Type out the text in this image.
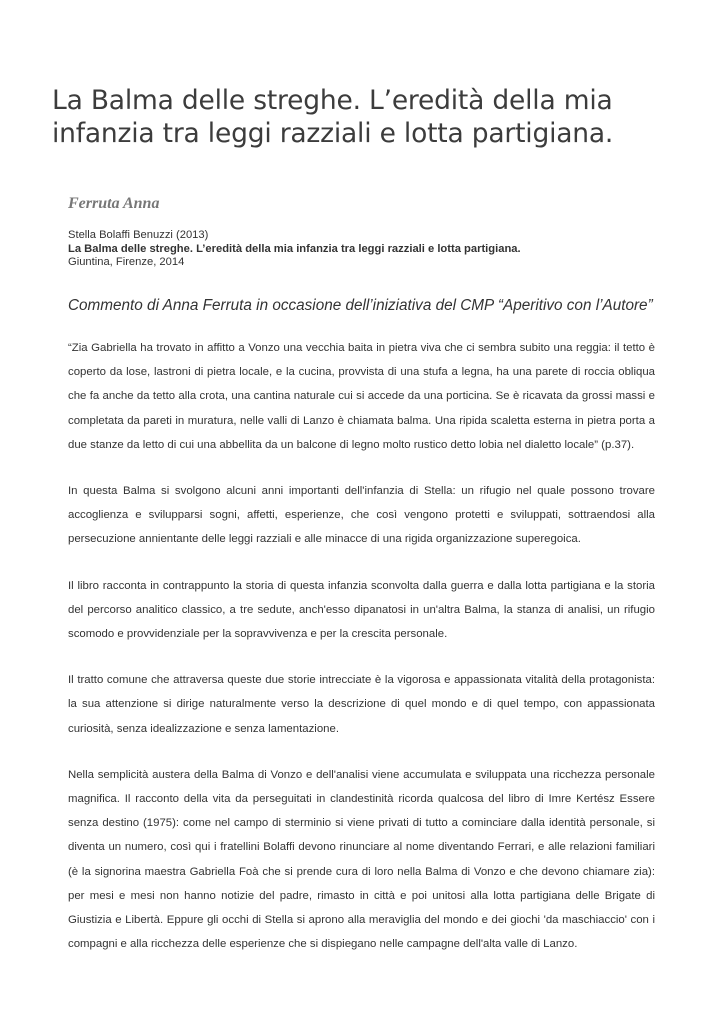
La Balma delle streghe. L’eredità della mia infanzia tra leggi razziali e lotta partigiana.
Ferruta Anna
Stella Bolaffi Benuzzi (2013)
La Balma delle streghe. L’eredità della mia infanzia tra leggi razziali e lotta partigiana.
Giuntina, Firenze, 2014
Commento di Anna Ferruta in occasione dell’iniziativa del CMP “Aperitivo con l’Autore”

“Zia Gabriella ha trovato in affitto a Vonzo una vecchia baita in pietra viva che ci sembra subito una reggia: il tetto è coperto da lose, lastroni di pietra locale, e la cucina, provvista di una stufa a legna, ha una parete di roccia obliqua che fa anche da tetto alla crota, una cantina naturale cui si accede da una porticina. Se è ricavata da grossi massi e completata da pareti in muratura, nelle valli di Lanzo è chiamata balma. Una ripida scaletta esterna in pietra porta a due stanze da letto di cui una abbellita da un balcone di legno molto rustico detto lobia nel dialetto locale” (p.37).

In questa Balma si svolgono alcuni anni importanti dell'infanzia di Stella: un rifugio nel quale possono trovare accoglienza e svilupparsi sogni, affetti, esperienze, che così vengono protetti e sviluppati, sottraendosi alla persecuzione annientante delle leggi razziali e alle minacce di una rigida organizzazione superegoica.

Il libro racconta in contrappunto la storia di questa infanzia sconvolta dalla guerra e dalla lotta partigiana e la storia del percorso analitico classico, a tre sedute, anch'esso dipanatosi in un'altra Balma, la stanza di analisi, un rifugio scomodo e provvidenziale per la sopravvivenza e per la crescita personale.

Il tratto comune che attraversa queste due storie intrecciate è la vigorosa e appassionata vitalità della protagonista: la sua attenzione si dirige naturalmente verso la descrizione di quel mondo e di quel tempo, con appassionata curiosità, senza idealizzazione e senza lamentazione.

Nella semplicità austera della Balma di Vonzo e dell'analisi viene accumulata e sviluppata una ricchezza personale magnifica. Il racconto della vita da perseguitati in clandestinità ricorda qualcosa del libro di Imre Kertész Essere senza destino (1975): come nel campo di sterminio si viene privati di tutto a cominciare dalla identità personale, si diventa un numero, così qui i fratellini Bolaffi devono rinunciare al nome diventando Ferrari, e alle relazioni familiari (è la signorina maestra Gabriella Foà che si prende cura di loro nella Balma di Vonzo e che devono chiamare zia): per mesi e mesi non hanno notizie del padre, rimasto in città e poi unitosi alla lotta partigiana delle Brigate di Giustizia e Libertà. Eppure gli occhi di Stella si aprono alla meraviglia del mondo e dei giochi 'da maschiaccio' con i compagni e alla ricchezza delle esperienze che si dispiegano nelle campagne dell'alta valle di Lanzo.
